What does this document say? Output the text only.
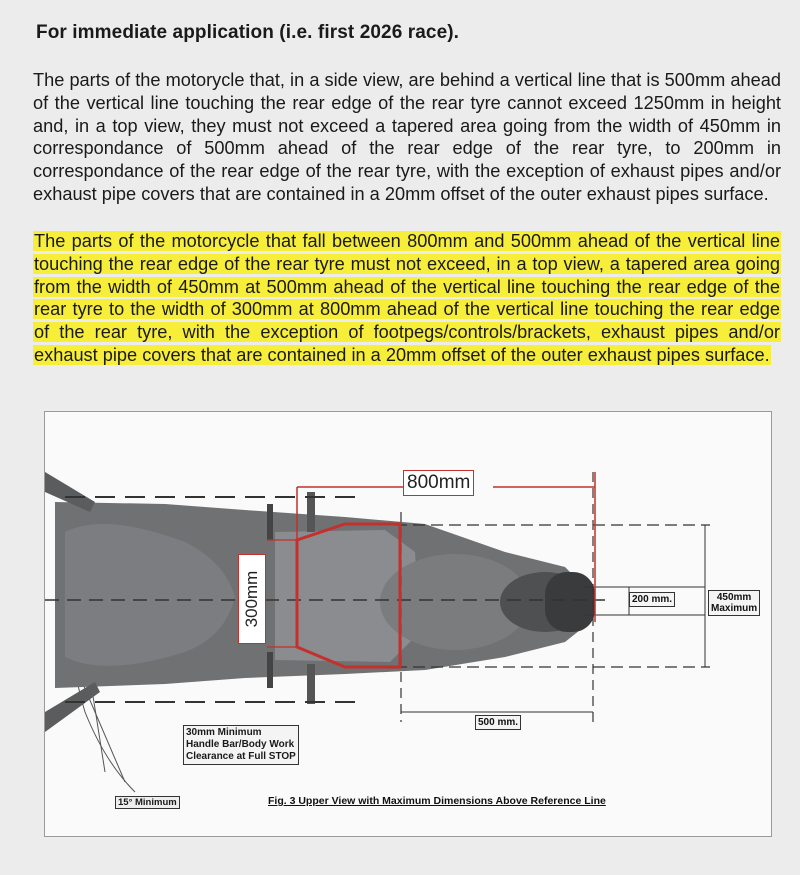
For immediate application (i.e. first 2026 race).
The parts of the motorycle that, in a side view, are behind a vertical line that is 500mm ahead of the vertical line touching the rear edge of the rear tyre cannot exceed 1250mm in height and, in a top view, they must not exceed a tapered area going from the width of 450mm in correspondance of 500mm ahead of the rear edge of the rear tyre, to 200mm in correspondance of the rear edge of the rear tyre, with the exception of exhaust pipes and/or exhaust pipe covers that are contained in a 20mm offset of the outer exhaust pipes surface.
The parts of the motorcycle that fall between 800mm and 500mm ahead of the vertical line touching the rear edge of the rear tyre must not exceed, in a top view, a tapered area going from the width of 450mm at 500mm ahead of the vertical line touching the rear edge of the rear tyre to the width of 300mm at 800mm ahead of the vertical line touching the rear edge of the rear tyre, with the exception of footpegs/controls/brackets, exhaust pipes and/or exhaust pipe covers that are contained in a 20mm offset of the outer exhaust pipes surface.
800mm
300mm	200 mm.	450mm
Maximum
500 mm.
30mm Minimum
Handle Bar/Body Work
Clearance at Full STOP
15° Minimum	Fig. 3 Upper View with Maximum Dimensions Above Reference Line
